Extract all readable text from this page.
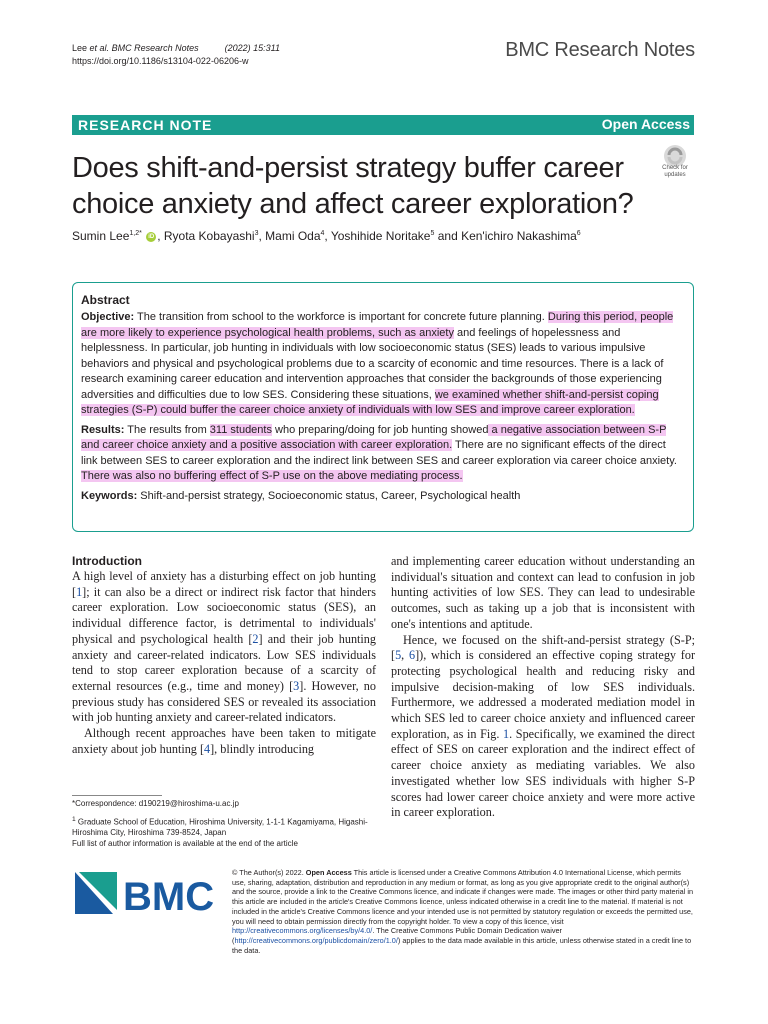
Lee et al. BMC Research Notes	(2022) 15:311
https://doi.org/10.1186/s13104-022-06206-w	BMC Research Notes
RESEARCH NOTE	Open Access
Does shift-and-persist strategy buffer career choice anxiety and affect career exploration?
Check for updates
Sumin Lee$^{1,2*}$ iD , Ryota Kobayashi$^3$, Mami Oda$^4$, Yoshihide Noritake$^5$ and Ken'ichiro Nakashima$^6$
Abstract

Objective: The transition from school to the workforce is important for concrete future planning. During this period, people are more likely to experience psychological health problems, such as anxiety and feelings of hopelessness and helplessness. In particular, job hunting in individuals with low socioeconomic status (SES) leads to various impulsive behaviors and physical and psychological problems due to a scarcity of economic and time resources. There is a lack of research examining career education and intervention approaches that consider the backgrounds of those experiencing adversities and difficulties due to low SES. Considering these situations, we examined whether shift-and-persist coping strategies (S-P) could buffer the career choice anxiety of individuals with low SES and improve career exploration.

Results: The results from 311 students who preparing/doing for job hunting showed a negative association between S-P and career choice anxiety and a positive association with career exploration. There are no significant effects of the direct link between SES to career exploration and the indirect link between SES and career exploration via career choice anxiety. There was also no buffering effect of S-P use on the above mediating process.

Keywords: Shift-and-persist strategy, Socioeconomic status, Career, Psychological health

Introduction

A high level of anxiety has a disturbing effect on job hunting [1]; it can also be a direct or indirect risk factor that hinders career exploration. Low socioeconomic status (SES), an individual difference factor, is detrimental to individuals' physical and psychological health [2] and their job hunting anxiety and career-related indicators. Low SES individuals tend to stop career exploration because of a scarcity of external resources (e.g., time and money) [3]. However, no previous study has considered SES or revealed its association with job hunting anxiety and career-related indicators.

Although recent approaches have been taken to mitigate anxiety about job hunting [4], blindly introducing

and implementing career education without understanding an individual's situation and context can lead to confusion in job hunting activities of low SES. They can lead to undesirable outcomes, such as taking up a job that is inconsistent with one's intentions and aptitude.

Hence, we focused on the shift-and-persist strategy (S-P; [5, 6]), which is considered an effective coping strategy for protecting psychological health and reducing risky and impulsive decision-making of low SES individuals. Furthermore, we addressed a moderated mediation model in which SES led to career choice anxiety and influenced career exploration, as in Fig. 1. Specifically, we examined the direct effect of SES on career exploration and the indirect effect of career choice anxiety as mediating variables. We also investigated whether low SES individuals with higher S-P scores had lower career choice anxiety and were more active in career exploration.

*Correspondence: d190219@hiroshima-u.ac.jp
$^1$ Graduate School of Education, Hiroshima University, 1-1-1 Kagamiyama, Higashi-Hiroshima City, Hiroshima 739-8524, Japan
Full list of author information is available at the end of the article
BMC
© The Author(s) 2022. Open Access This article is licensed under a Creative Commons Attribution 4.0 International License, which permits use, sharing, adaptation, distribution and reproduction in any medium or format, as long as you give appropriate credit to the original author(s) and the source, provide a link to the Creative Commons licence, and indicate if changes were made. The images or other third party material in this article are included in the article's Creative Commons licence, unless indicated otherwise in a credit line to the material. If material is not included in the article's Creative Commons licence and your intended use is not permitted by statutory regulation or exceeds the permitted use, you will need to obtain permission directly from the copyright holder. To view a copy of this licence, visit http://creativecommons.org/licenses/by/4.0/. The Creative Commons Public Domain Dedication waiver (http://creativecommons.org/publicdomain/zero/1.0/) applies to the data made available in this article, unless otherwise stated in a credit line to the data.
